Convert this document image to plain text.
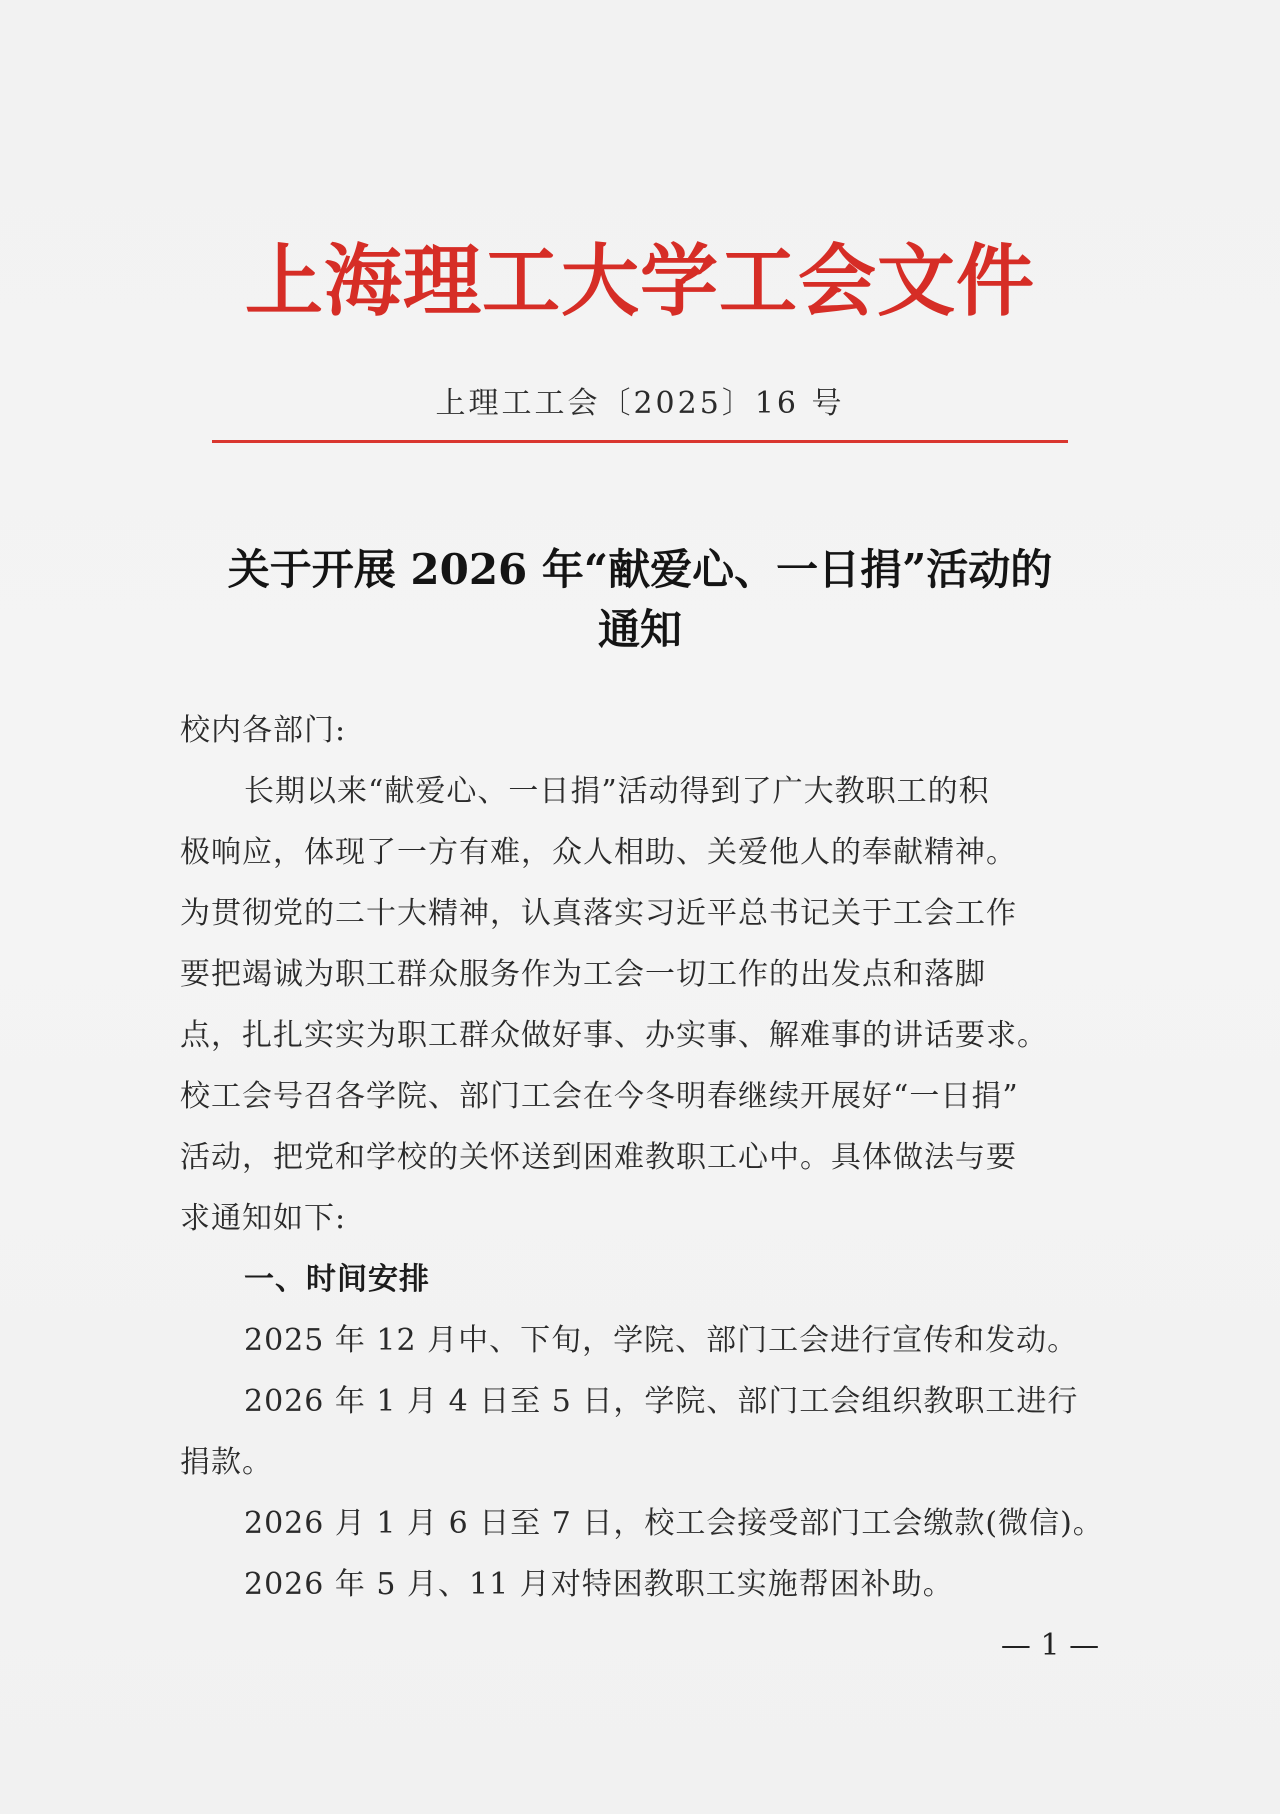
上海理工大学工会文件
上理工工会〔2025〕16 号
关于开展 2026 年“献爱心、一日捐”活动的
通知
校内各部门:
长期以来“献爱心、一日捐”活动得到了广大教职工的积
极响应，体现了一方有难，众人相助、关爱他人的奉献精神。
为贯彻党的二十大精神，认真落实习近平总书记关于工会工作
要把竭诚为职工群众服务作为工会一切工作的出发点和落脚
点，扎扎实实为职工群众做好事、办实事、解难事的讲话要求。
校工会号召各学院、部门工会在今冬明春继续开展好“一日捐”
活动，把党和学校的关怀送到困难教职工心中。具体做法与要
求通知如下:
一、时间安排
2025 年 12 月中、下旬，学院、部门工会进行宣传和发动。
2026 年 1 月 4 日至 5 日，学院、部门工会组织教职工进行
捐款。
2026 月 1 月 6 日至 7 日，校工会接受部门工会缴款(微信)。
2026 年 5 月、11 月对特困教职工实施帮困补助。
— 1 —
